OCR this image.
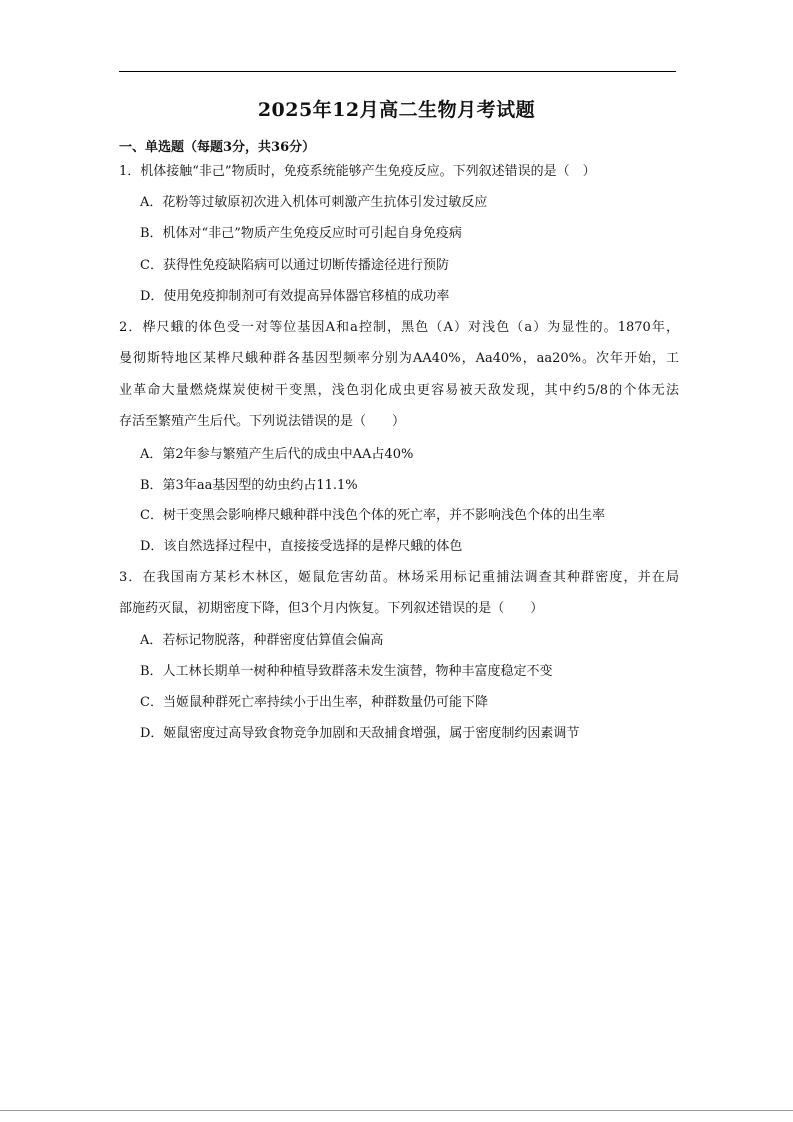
2025年12月高二生物月考试题
一、单选题（每题3分，共36分）
1．机体接触“非己”物质时，免疫系统能够产生免疫反应。下列叙述错误的是（　）
A．花粉等过敏原初次进入机体可刺激产生抗体引发过敏反应
B．机体对“非己”物质产生免疫反应时可引起自身免疫病
C．获得性免疫缺陷病可以通过切断传播途径进行预防
D．使用免疫抑制剂可有效提高异体器官移植的成功率
2．桦尺蛾的体色受一对等位基因A和a控制，黑色（A）对浅色（a）为显性的。1870年，
曼彻斯特地区某桦尺蛾种群各基因型频率分别为AA40%，Aa40%，aa20%。次年开始，工
业革命大量燃烧煤炭使树干变黑，浅色羽化成虫更容易被天敌发现，其中约5/8的个体无法
存活至繁殖产生后代。下列说法错误的是（　　）
A．第2年参与繁殖产生后代的成虫中AA占40%
B．第3年aa基因型的幼虫约占11.1%
C．树干变黑会影响桦尺蛾种群中浅色个体的死亡率，并不影响浅色个体的出生率
D．该自然选择过程中，直接接受选择的是桦尺蛾的体色
3．在我国南方某杉木林区，姬鼠危害幼苗。林场采用标记重捕法调查其种群密度，并在局
部施药灭鼠，初期密度下降，但3个月内恢复。下列叙述错误的是（　　）
A．若标记物脱落，种群密度估算值会偏高
B．人工林长期单一树种种植导致群落未发生演替，物种丰富度稳定不变
C．当姬鼠种群死亡率持续小于出生率，种群数量仍可能下降
D．姬鼠密度过高导致食物竞争加剧和天敌捕食增强，属于密度制约因素调节
